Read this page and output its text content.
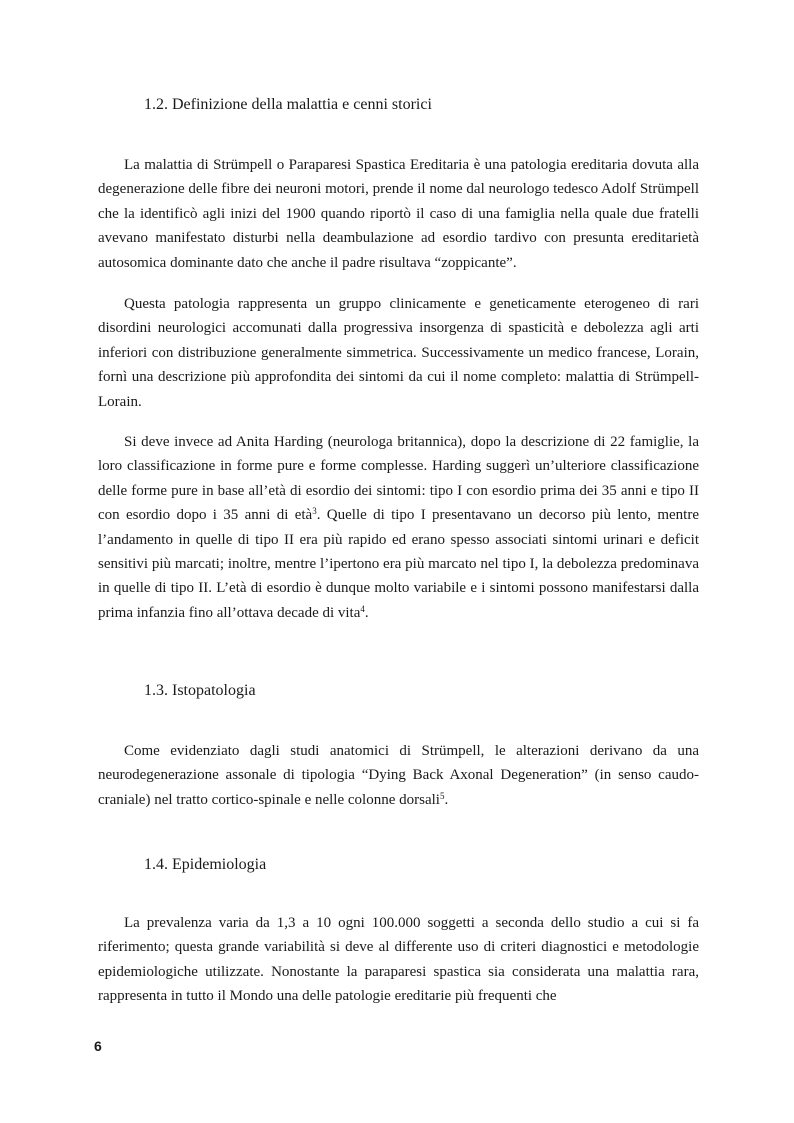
1.2. Definizione della malattia e cenni storici

La malattia di Strümpell o Paraparesi Spastica Ereditaria è una patologia ereditaria dovuta alla degenerazione delle fibre dei neuroni motori, prende il nome dal neurologo tedesco Adolf Strümpell che la identificò agli inizi del 1900 quando riportò il caso di una famiglia nella quale due fratelli avevano manifestato disturbi nella deambulazione ad esordio tardivo con presunta ereditarietà autosomica dominante dato che anche il padre risultava “zoppicante”.

Questa patologia rappresenta un gruppo clinicamente e geneticamente eterogeneo di rari disordini neurologici accomunati dalla progressiva insorgenza di spasticità e debolezza agli arti inferiori con distribuzione generalmente simmetrica. Successivamente un medico francese, Lorain, fornì una descrizione più approfondita dei sintomi da cui il nome completo: malattia di Strümpell-Lorain.

Si deve invece ad Anita Harding (neurologa britannica), dopo la descrizione di 22 famiglie, la loro classificazione in forme pure e forme complesse. Harding suggerì un’ulteriore classificazione delle forme pure in base all’età di esordio dei sintomi: tipo I con esordio prima dei 35 anni e tipo II con esordio dopo i 35 anni di età$^3$. Quelle di tipo I presentavano un decorso più lento, mentre l’andamento in quelle di tipo II era più rapido ed erano spesso associati sintomi urinari e deficit sensitivi più marcati; inoltre, mentre l’ipertono era più marcato nel tipo I, la debolezza predominava in quelle di tipo II. L’età di esordio è dunque molto variabile e i sintomi possono manifestarsi dalla prima infanzia fino all’ottava decade di vita$^4$.

1.3. Istopatologia

Come evidenziato dagli studi anatomici di Strümpell, le alterazioni derivano da una neurodegenerazione assonale di tipologia “Dying Back Axonal Degeneration” (in senso caudo-craniale) nel tratto cortico-spinale e nelle colonne dorsali$^5$.

1.4. Epidemiologia

La prevalenza varia da 1,3 a 10 ogni 100.000 soggetti a seconda dello studio a cui si fa riferimento; questa grande variabilità si deve al differente uso di criteri diagnostici e metodologie epidemiologiche utilizzate. Nonostante la paraparesi spastica sia considerata una malattia rara, rappresenta in tutto il Mondo una delle patologie ereditarie più frequenti che

6
